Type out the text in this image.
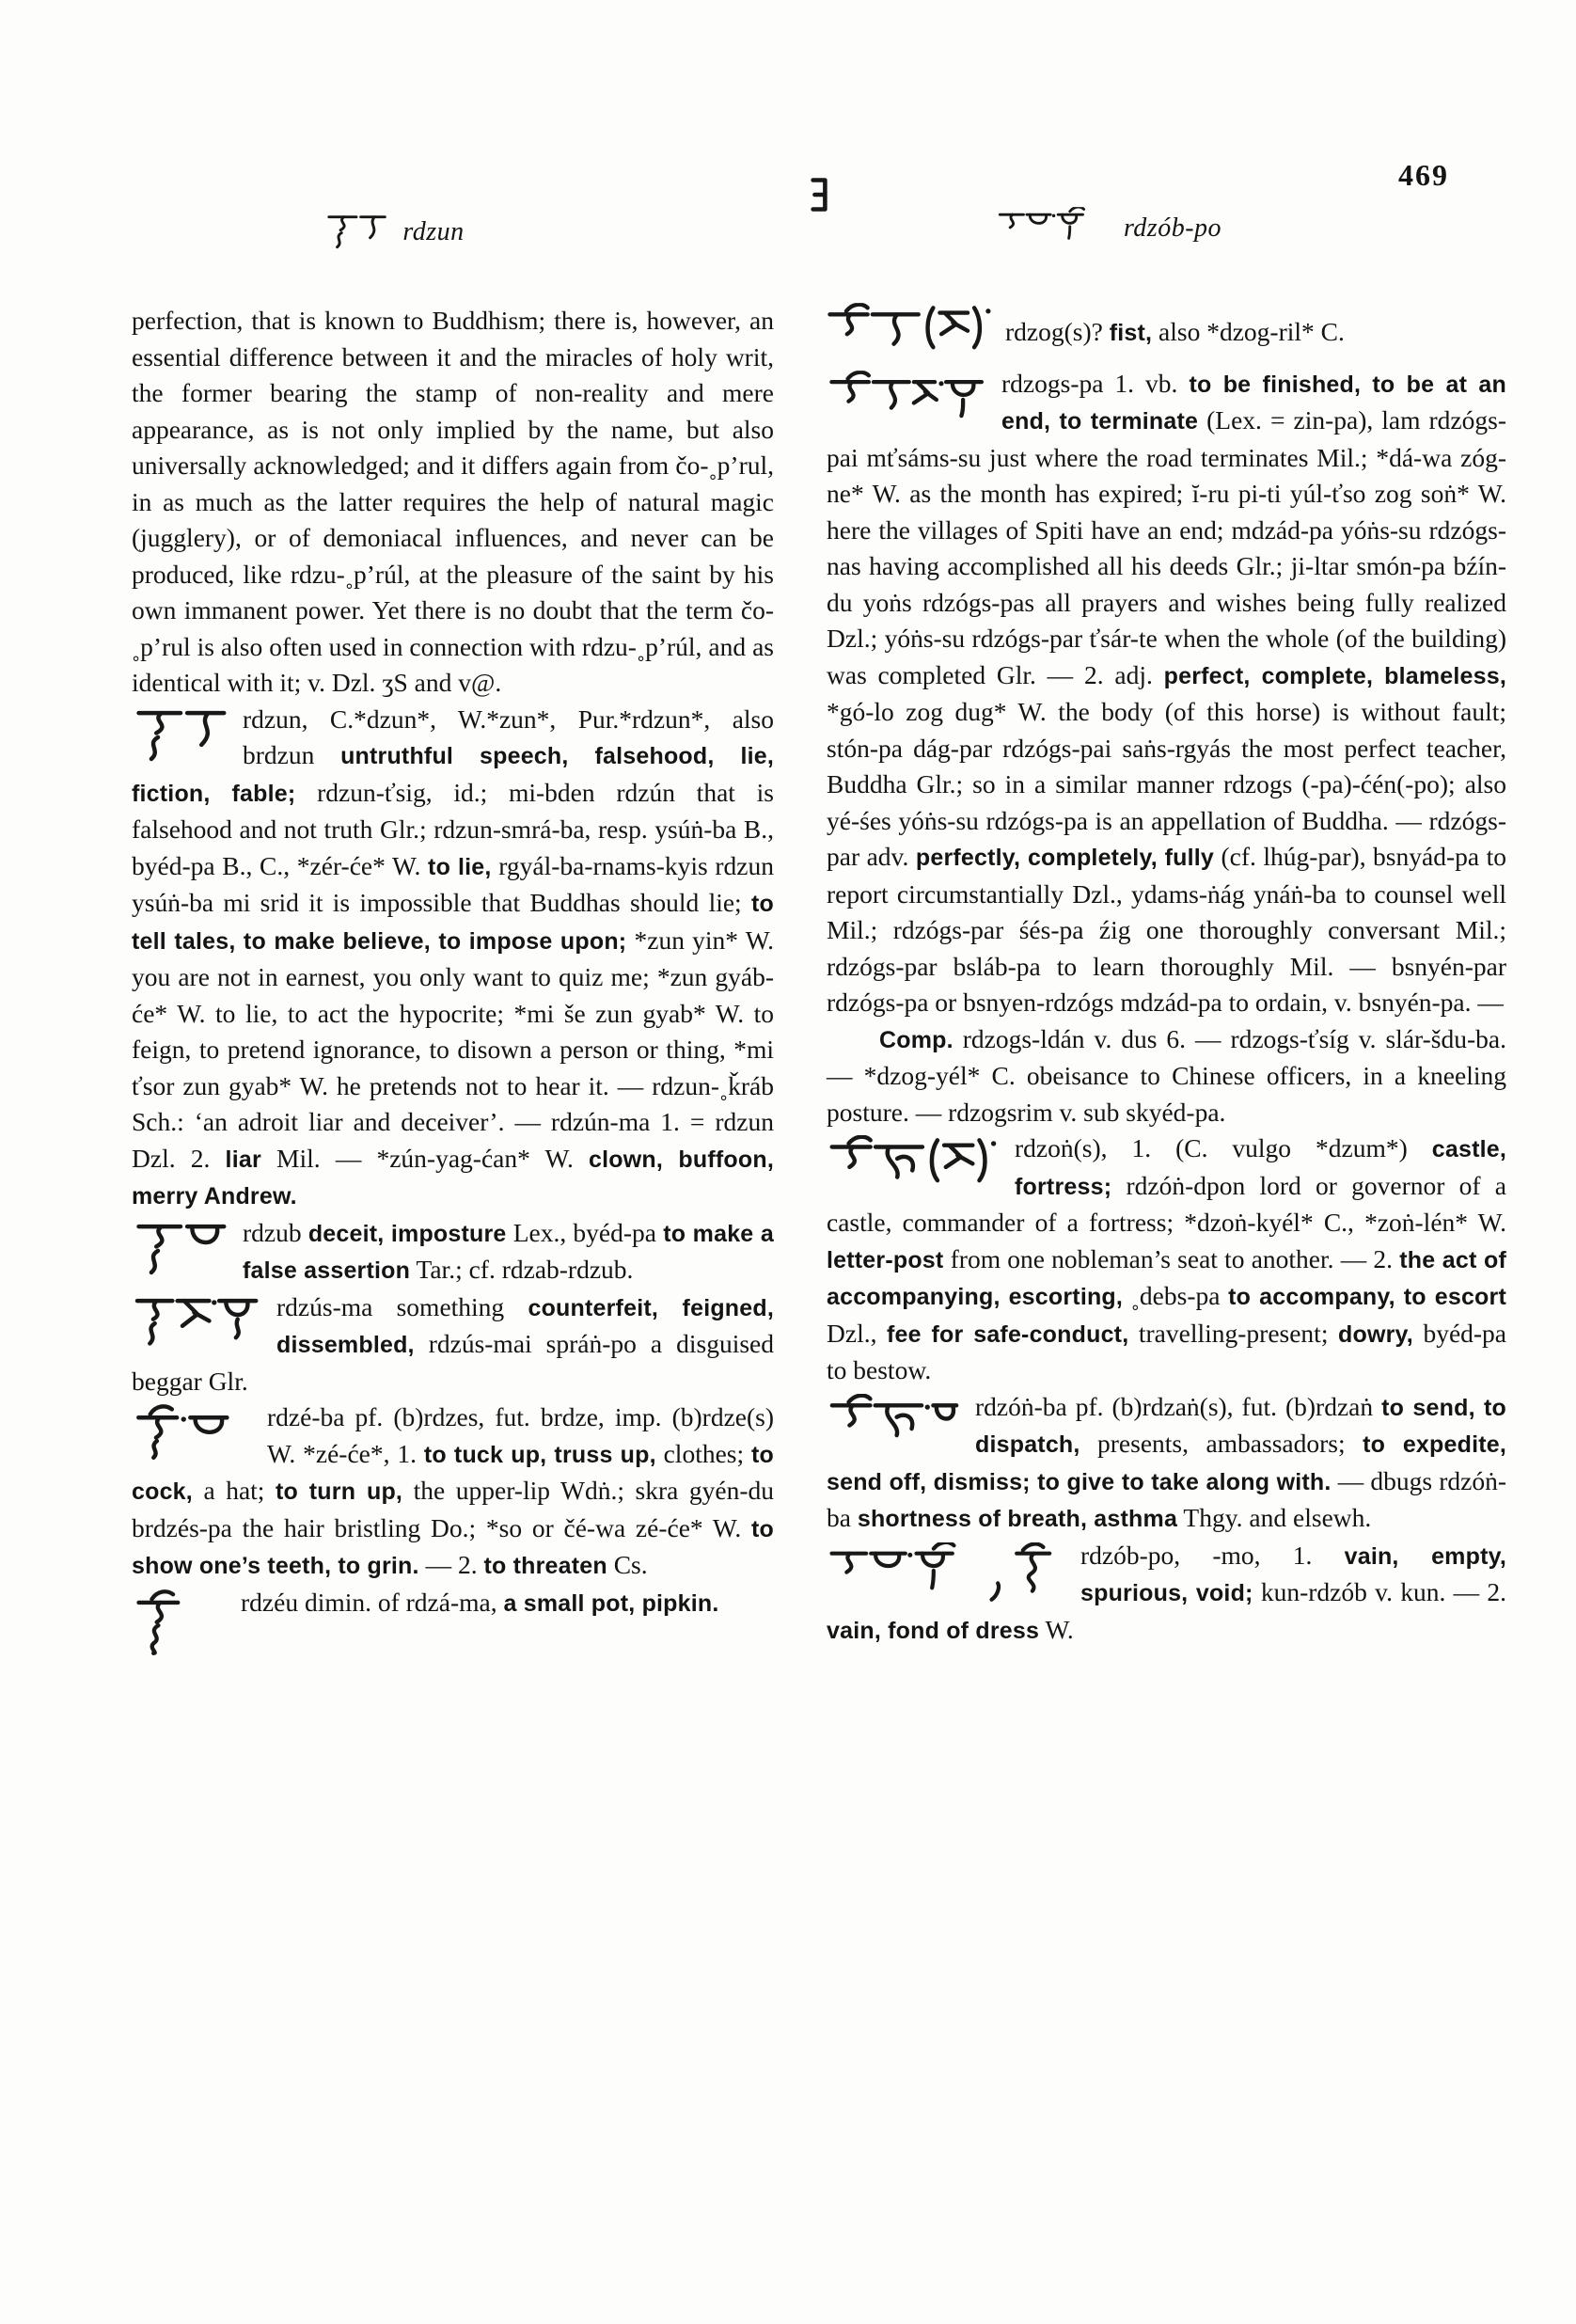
rdzun	rdzób-po
469

perfection, that is known to Buddhism; there is, however, an essential difference between it and the miracles of holy writ, the former bearing the stamp of non-reality and mere appearance, as is not only implied by the name, but also universally acknowledged; and it differs again from čo-˳p’rul, in as much as the latter requires the help of natural magic (jugglery), or of demoniacal influences, and never can be produced, like rdzu-˳p’rúl, at the pleasure of the saint by his own immanent power. Yet there is no doubt that the term čo-˳p’rul is also often used in connection with rdzu-˳p’rúl, and as identical with it; v. Dzl. ʒS and v@.

rdzun, C.*dzun*, W.*zun*, Pur.*rdzun*, also brdzun untruthful speech, falsehood, lie, fiction, fable; rdzun-ťsig, id.; mi-bden rdzún that is falsehood and not truth Glr.; rdzun-smrá-ba, resp. ysúṅ-ba B., byéd-pa B., C., *zér-će* W. to lie, rgyál-ba-rnams-kyis rdzun ysúṅ-ba mi srid it is impossible that Buddhas should lie; to tell tales, to make believe, to impose upon; *zun yin* W. you are not in earnest, you only want to quiz me; *zun gyáb-će* W. to lie, to act the hypocrite; *mi še zun gyab* W. to feign, to pretend ignorance, to disown a person or thing, *mi ťsor zun gyab* W. he pretends not to hear it. — rdzun-˳ǩráb Sch.: ‘an adroit liar and deceiver’. — rdzún-ma 1. = rdzun Dzl. 2. liar Mil. — *zún-yag-ćan* W. clown, buffoon, merry Andrew.

rdzub deceit, imposture Lex., byéd-pa to make a false assertion Tar.; cf. rdzab-rdzub.

rdzús-ma something counterfeit, feigned, dissembled, rdzús-mai spráṅ-po a disguised beggar Glr.

rdzé-ba pf. (b)rdzes, fut. brdze, imp. (b)rdze(s) W. *zé-će*, 1. to tuck up, truss up, clothes; to cock, a hat; to turn up, the upper-lip Wdṅ.; skra gyén-du brdzés-pa the hair bristling Do.; *so or čé-wa zé-će* W. to show one’s teeth, to grin. — 2. to threaten Cs.

rdzéu dimin. of rdzá-ma, a small pot, pipkin.

rdzog(s)? fist, also *dzog-ril* C.

rdzogs-pa 1. vb. to be finished, to be at an end, to terminate (Lex. = zin-pa), lam rdzógs-pai mťsáms-su just where the road terminates Mil.; *dá-wa zóg-ne* W. as the month has expired; ĭ-ru pi-ti yúl-ťso zog soṅ* W. here the villages of Spiti have an end; mdzád-pa yóṅs-su rdzógs-nas having accomplished all his deeds Glr.; ji-ltar smón-pa bźín-du yoṅs rdzógs-pas all prayers and wishes being fully realized Dzl.; yóṅs-su rdzógs-par ťsár-te when the whole (of the building) was completed Glr. — 2. adj. perfect, complete, blameless, *gó-lo zog dug* W. the body (of this horse) is without fault; stón-pa dág-par rdzógs-pai saṅs-rgyás the most perfect teacher, Buddha Glr.; so in a similar manner rdzogs (-pa)-ćén(-po); also yé-śes yóṅs-su rdzógs-pa is an appellation of Buddha. — rdzógs-par adv. perfectly, completely, fully (cf. lhúg-par), bsnyád-pa to report circumstantially Dzl., ydams-ṅág ynáṅ-ba to counsel well Mil.; rdzógs-par śés-pa źig one thoroughly conversant Mil.; rdzógs-par bsláb-pa to learn thoroughly Mil. — bsnyén-par rdzógs-pa or bsnyen-rdzógs mdzád-pa to ordain, v. bsnyén-pa. —

Comp. rdzogs-ldán v. dus 6. — rdzogs-ťsíg v. slár-šdu-ba. — *dzog-yél* C. obeisance to Chinese officers, in a kneeling posture. — rdzogsrim v. sub skyéd-pa.

rdzoṅ(s), 1. (C. vulgo *dzum*) castle, fortress; rdzóṅ-dpon lord or governor of a castle, commander of a fortress; *dzoṅ-kyél* C., *zoṅ-lén* W. letter-post from one nobleman’s seat to another. — 2. the act of accompanying, escorting, ˳debs-pa to accompany, to escort Dzl., fee for safe-conduct, travelling-present; dowry, byéd-pa to bestow.

rdzóṅ-ba pf. (b)rdzaṅ(s), fut. (b)rdzaṅ to send, to dispatch, presents, ambassadors; to expedite, send off, dismiss; to give to take along with. — dbugs rdzóṅ-ba shortness of breath, asthma Thgy. and elsewh.

rdzób-po, -mo, 1. vain, empty, spurious, void; kun-rdzób v. kun. — 2. vain, fond of dress W.
